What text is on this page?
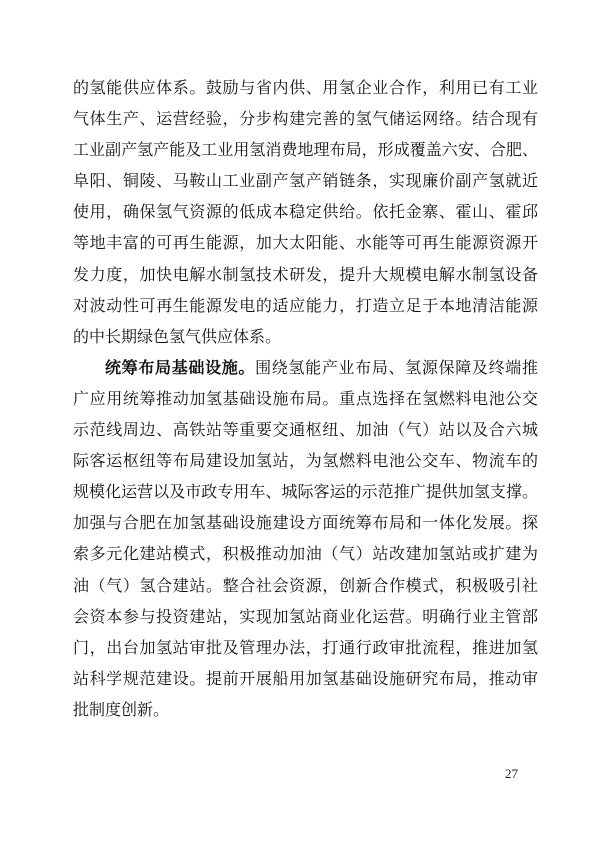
的氢能供应体系。鼓励与省内供、用氢企业合作，利用已有工业
气体生产、运营经验，分步构建完善的氢气储运网络。结合现有
工业副产氢产能及工业用氢消费地理布局，形成覆盖六安、合肥、
阜阳、铜陵、马鞍山工业副产氢产销链条，实现廉价副产氢就近
使用，确保氢气资源的低成本稳定供给。依托金寨、霍山、霍邱
等地丰富的可再生能源，加大太阳能、水能等可再生能源资源开
发力度，加快电解水制氢技术研发，提升大规模电解水制氢设备
对波动性可再生能源发电的适应能力，打造立足于本地清洁能源
的中长期绿色氢气供应体系。
统筹布局基础设施。围绕氢能产业布局、氢源保障及终端推
广应用统筹推动加氢基础设施布局。重点选择在氢燃料电池公交
示范线周边、高铁站等重要交通枢纽、加油（气）站以及合六城
际客运枢纽等布局建设加氢站，为氢燃料电池公交车、物流车的
规模化运营以及市政专用车、城际客运的示范推广提供加氢支撑。
加强与合肥在加氢基础设施建设方面统筹布局和一体化发展。探
索多元化建站模式，积极推动加油（气）站改建加氢站或扩建为
油（气）氢合建站。整合社会资源，创新合作模式，积极吸引社
会资本参与投资建站，实现加氢站商业化运营。明确行业主管部
门，出台加氢站审批及管理办法，打通行政审批流程，推进加氢
站科学规范建设。提前开展船用加氢基础设施研究布局，推动审
批制度创新。
27
